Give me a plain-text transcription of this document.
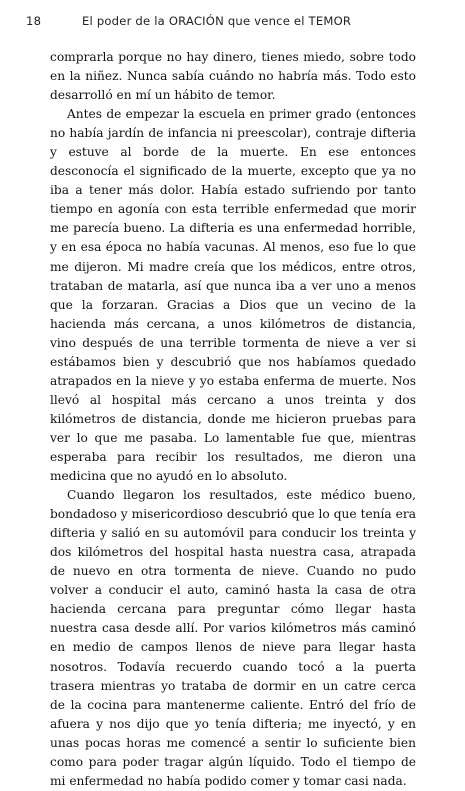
18	El poder de la ORACIÓN que vence el TEMOR

comprarla porque no hay dinero, tienes miedo, sobre todo en la niñez. Nunca sabía cuándo no habría más. Todo esto desarrolló en mí un hábito de temor.

Antes de empezar la escuela en primer grado (entonces no había jardín de infancia ni preescolar), contraje difteria y estuve al borde de la muerte. En ese entonces desconocía el significado de la muerte, excepto que ya no iba a tener más dolor. Había estado sufriendo por tanto tiempo en agonía con esta terrible enfermedad que morir me parecía bueno. La difteria es una enfermedad horrible, y en esa época no había vacunas. Al menos, eso fue lo que me dijeron. Mi madre creía que los médicos, entre otros, trataban de matarla, así que nunca iba a ver uno a menos que la forzaran. Gracias a Dios que un vecino de la hacienda más cercana, a unos kilómetros de distancia, vino después de una terrible tormenta de nieve a ver si estábamos bien y descubrió que nos habíamos quedado atrapados en la nieve y yo estaba enferma de muerte. Nos llevó al hospital más cercano a unos treinta y dos kilómetros de distancia, donde me hicieron pruebas para ver lo que me pasaba. Lo lamentable fue que, mientras esperaba para recibir los resultados, me dieron una medicina que no ayudó en lo absoluto.

Cuando llegaron los resultados, este médico bueno, bondadoso y misericordioso descubrió que lo que tenía era difteria y salió en su automóvil para conducir los treinta y dos kilómetros del hospital hasta nuestra casa, atrapada de nuevo en otra tormenta de nieve. Cuando no pudo volver a conducir el auto, caminó hasta la casa de otra hacienda cercana para preguntar cómo llegar hasta nuestra casa desde allí. Por varios kilómetros más caminó en medio de campos llenos de nieve para llegar hasta nosotros. Todavía recuerdo cuando tocó a la puerta trasera mientras yo trataba de dormir en un catre cerca de la cocina para mantenerme caliente. Entró del frío de afuera y nos dijo que yo tenía difteria; me inyectó, y en unas pocas horas me comencé a sentir lo suficiente bien como para poder tragar algún líquido. Todo el tiempo de mi enfermedad no había podido comer y tomar casi nada.
